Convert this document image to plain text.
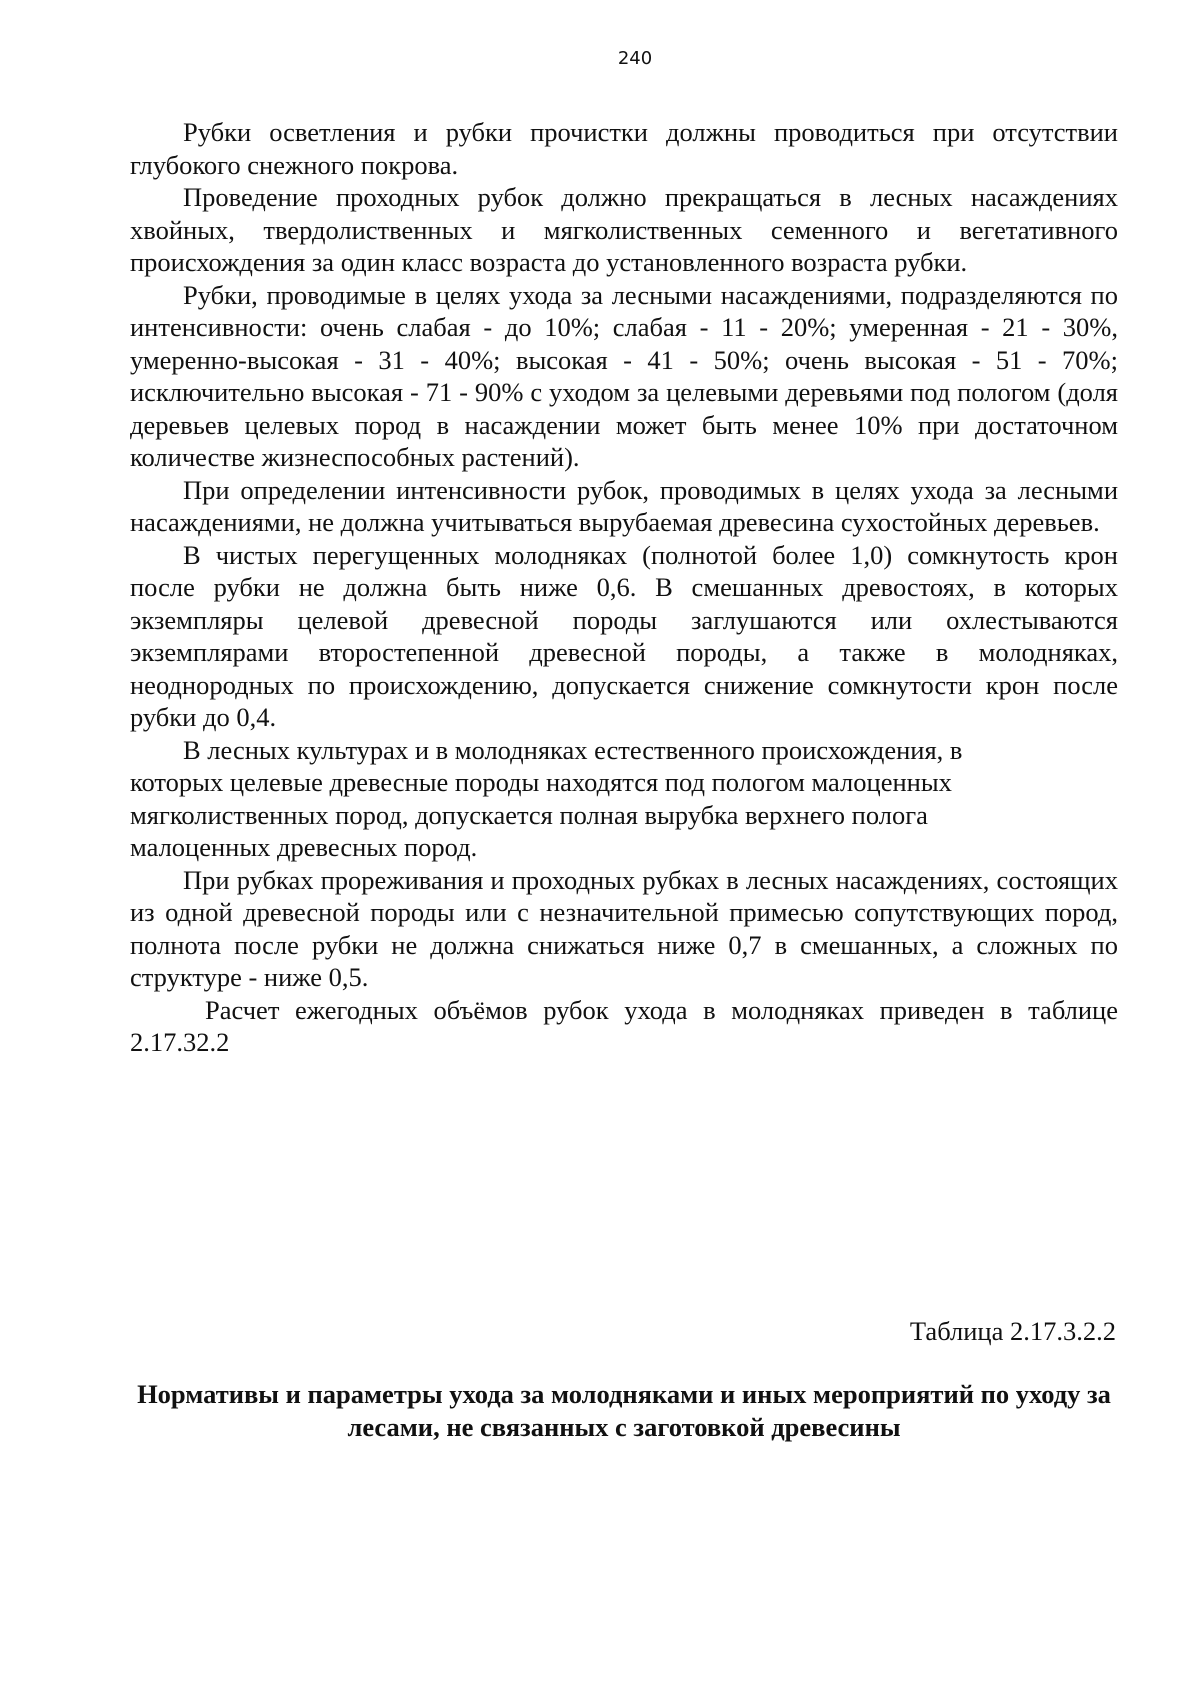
240

Рубки осветления и рубки прочистки должны проводиться при отсутствии глубокого снежного покрова.

Проведение проходных рубок должно прекращаться в лесных насаждениях хвойных, твердолиственных и мягколиственных семенного и вегетативного происхождения за один класс возраста до установленного возраста рубки.

Рубки, проводимые в целях ухода за лесными насаждениями, подразделяются по интенсивности: очень слабая - до 10%; слабая - 11 - 20%; умеренная - 21 - 30%, умеренно-высокая - 31 - 40%; высокая - 41 - 50%; очень высокая - 51 - 70%; исключительно высокая - 71 - 90% с уходом за целевыми деревьями под пологом (доля деревьев целевых пород в насаждении может быть менее 10% при достаточном количестве жизнеспособных растений).

При определении интенсивности рубок, проводимых в целях ухода за лесными насаждениями, не должна учитываться вырубаемая древесина сухостойных деревьев.

В чистых перегущенных молодняках (полнотой более 1,0) сомкнутость крон после рубки не должна быть ниже 0,6. В смешанных древостоях, в которых экземпляры целевой древесной породы заглушаются или охлестываются экземплярами второстепенной древесной породы, а также в молодняках, неоднородных по происхождению, допускается снижение сомкнутости крон после рубки до 0,4.

В лесных культурах и в молодняках естественного происхождения, в которых целевые древесные породы находятся под пологом малоценных мягколиственных пород, допускается полная вырубка верхнего полога малоценных древесных пород.

При рубках прореживания и проходных рубках в лесных насаждениях, состоящих из одной древесной породы или с незначительной примесью сопутствующих пород, полнота после рубки не должна снижаться ниже 0,7 в смешанных, а сложных по структуре - ниже 0,5.

Расчет ежегодных объёмов рубок ухода в молодняках приведен в таблице 2.17.32.2

Таблица 2.17.3.2.2
Нормативы и параметры ухода за молодняками и иных мероприятий по уходу за лесами, не связанных с заготовкой древесины
